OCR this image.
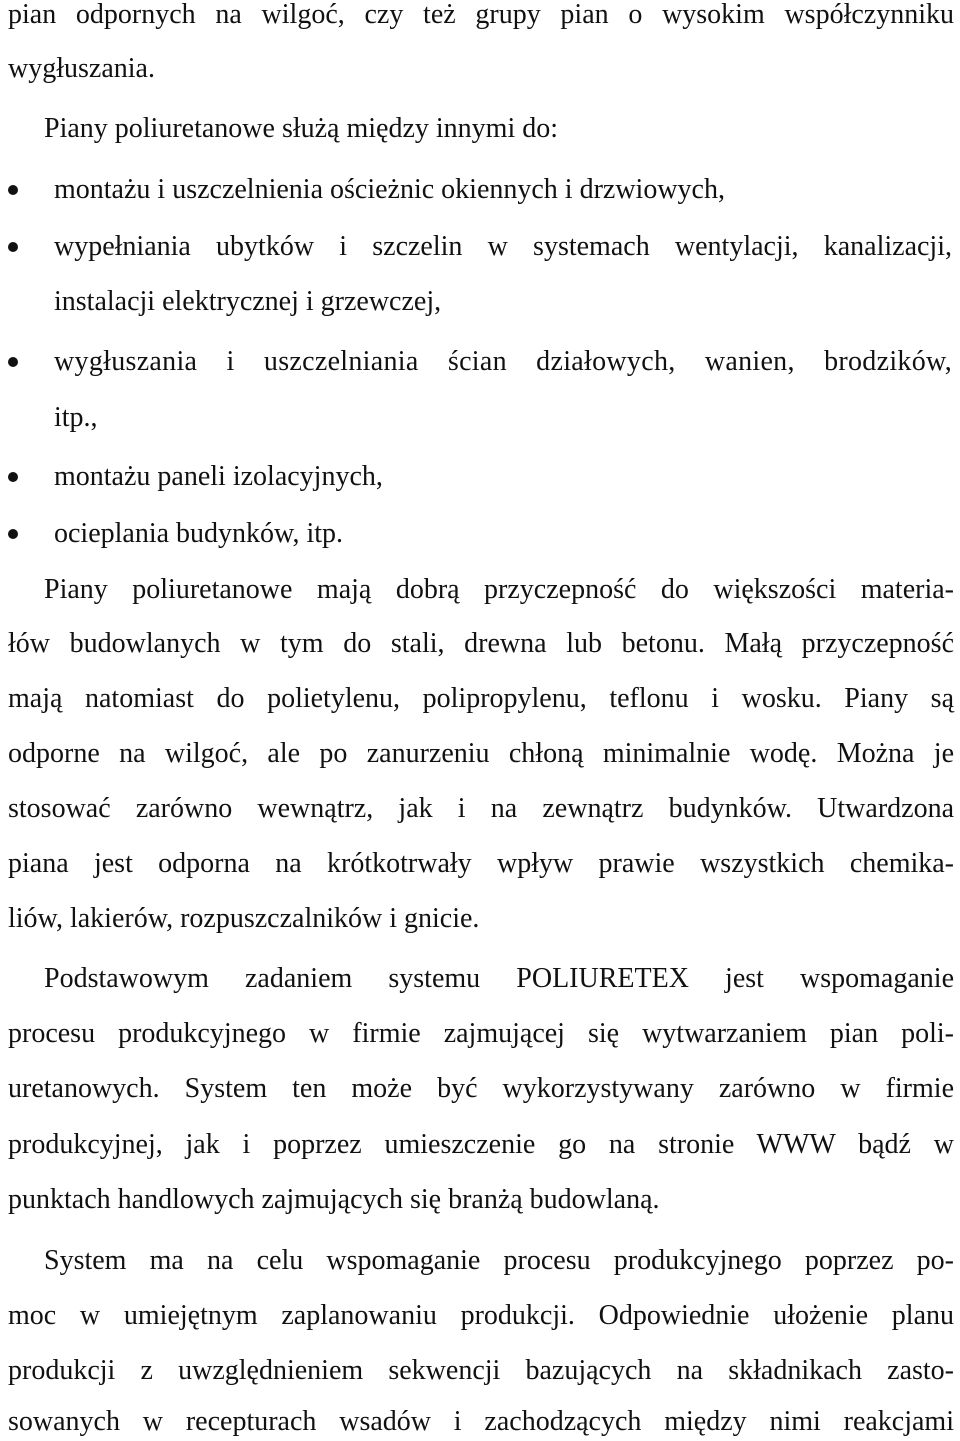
pian odpornych na wilgoć, czy też grupy pian o wysokim współczynniku
wygłuszania.
Piany poliuretanowe służą między innymi do:
montażu i uszczelnienia ościeżnic okiennych i drzwiowych,
wypełniania ubytków i szczelin w systemach wentylacji, kanalizacji,
instalacji elektrycznej i grzewczej,
wygłuszania i uszczelniania ścian działowych, wanien, brodzików,
itp.,
montażu paneli izolacyjnych,
ocieplania budynków, itp.
Piany poliuretanowe mają dobrą przyczepność do większości materia-
łów budowlanych w tym do stali, drewna lub betonu. Małą przyczepność
mają natomiast do polietylenu, polipropylenu, teflonu i wosku. Piany są
odporne na wilgoć, ale po zanurzeniu chłoną minimalnie wodę. Można je
stosować zarówno wewnątrz, jak i na zewnątrz budynków. Utwardzona
piana jest odporna na krótkotrwały wpływ prawie wszystkich chemika-
liów, lakierów, rozpuszczalników i gnicie.
Podstawowym zadaniem systemu POLIURETEX jest wspomaganie
procesu produkcyjnego w firmie zajmującej się wytwarzaniem pian poli-
uretanowych. System ten może być wykorzystywany zarówno w firmie
produkcyjnej, jak i poprzez umieszczenie go na stronie WWW bądź w
punktach handlowych zajmujących się branżą budowlaną.
System ma na celu wspomaganie procesu produkcyjnego poprzez po-
moc w umiejętnym zaplanowaniu produkcji. Odpowiednie ułożenie planu
produkcji z uwzględnieniem sekwencji bazujących na składnikach zasto-
sowanych w recepturach wsadów i zachodzących między nimi reakcjami
